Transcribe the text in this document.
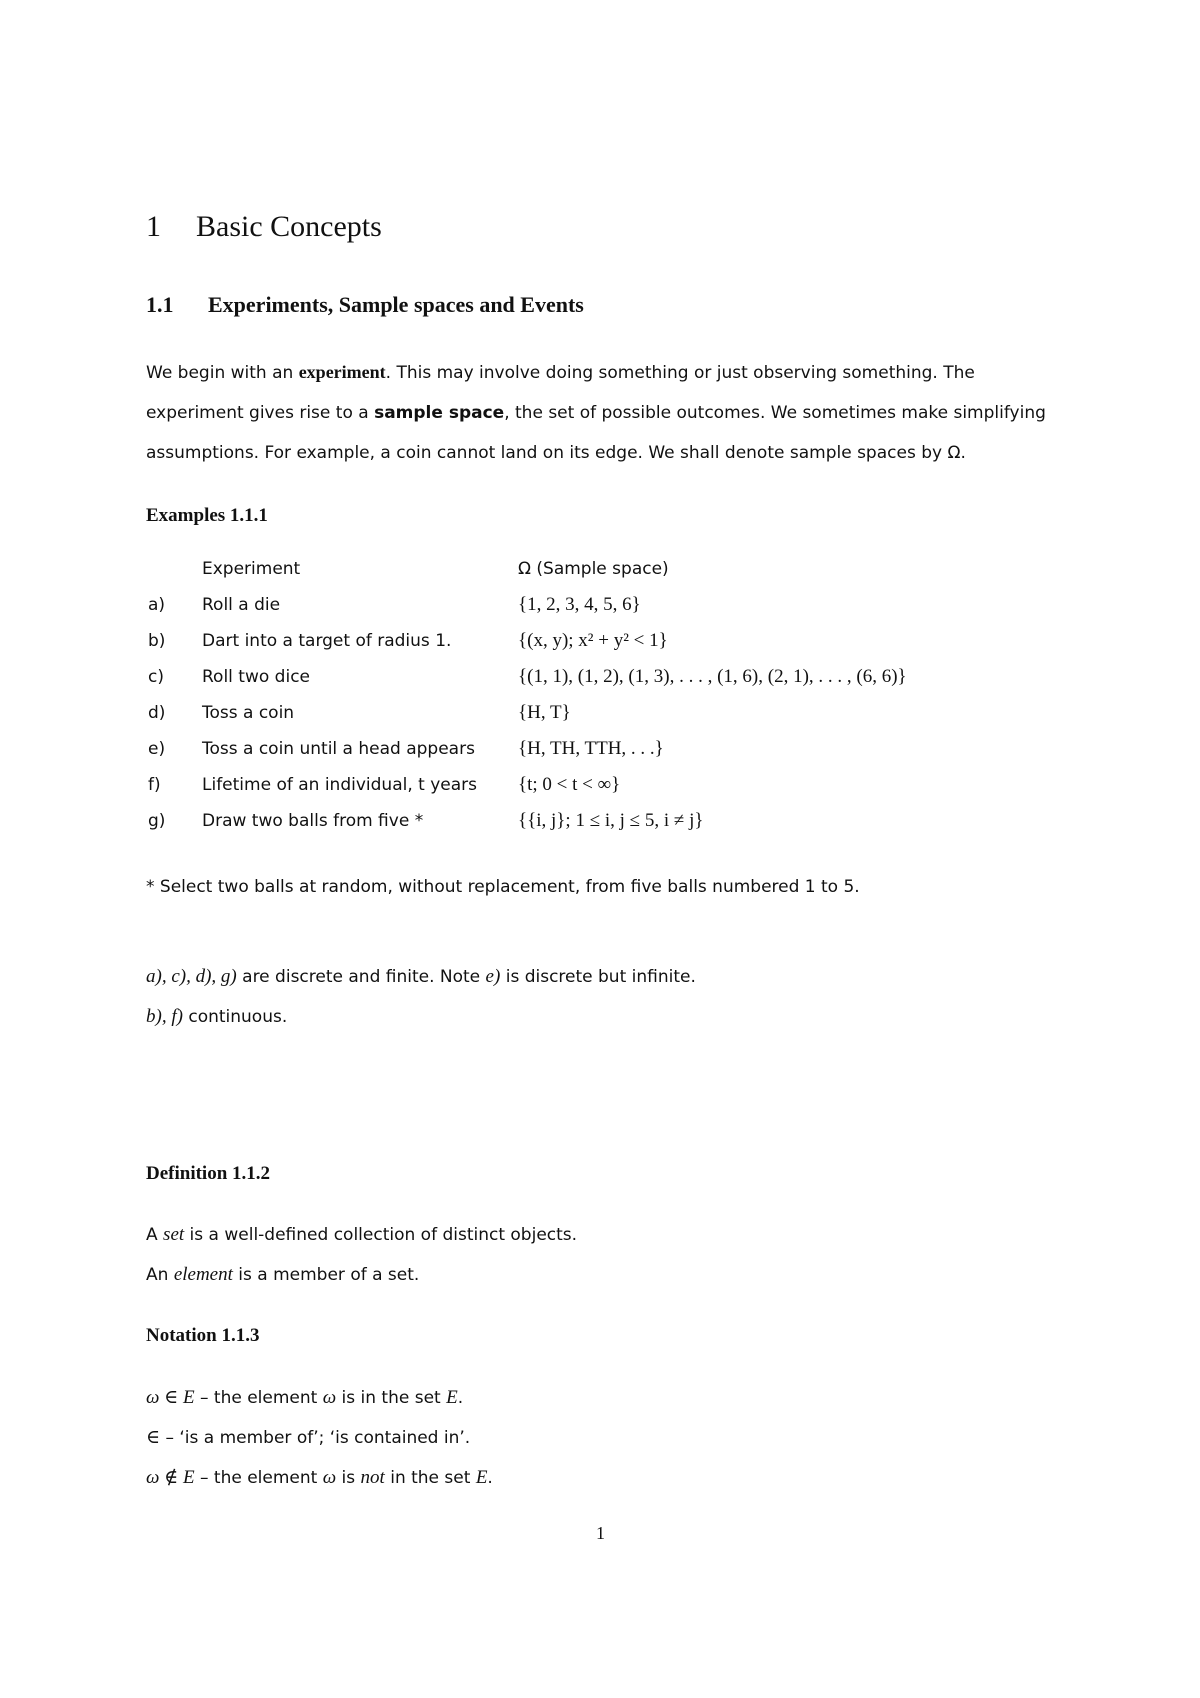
1 Basic Concepts
1.1 Experiments, Sample spaces and Events
We begin with an experiment. This may involve doing something or just observing something. The experiment gives rise to a sample space, the set of possible outcomes. We sometimes make simplifying assumptions. For example, a coin cannot land on its edge. We shall denote sample spaces by Ω.
Examples 1.1.1
	Experiment	Ω (Sample space)
a)	Roll a die	{1, 2, 3, 4, 5, 6}
b)	Dart into a target of radius 1.	{(x, y); x² + y² < 1}
c)	Roll two dice	{(1, 1), (1, 2), (1, 3), . . . , (1, 6), (2, 1), . . . , (6, 6)}
d)	Toss a coin	{H, T}
e)	Toss a coin until a head appears	{H, TH, TTH, . . .}
f)	Lifetime of an individual, t years	{t; 0 < t < ∞}
g)	Draw two balls from five *	{{i, j}; 1 ≤ i, j ≤ 5, i ≠ j}
* Select two balls at random, without replacement, from five balls numbered 1 to 5.
a), c), d), g) are discrete and finite. Note e) is discrete but infinite.
b), f) continuous.
Definition 1.1.2
A set is a well-defined collection of distinct objects.
An element is a member of a set.
Notation 1.1.3
ω ∈ E – the element ω is in the set E.
∈ – ‘is a member of’; ‘is contained in’.
ω ∉ E – the element ω is not in the set E.
1
